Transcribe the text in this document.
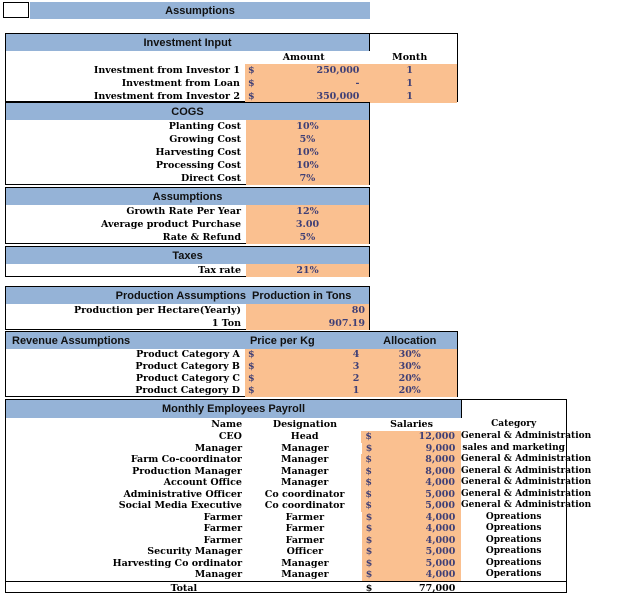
Assumptions
Investment Input
Amount	Month
Investment from Investor 1 $	250,000	1
Investment from Loan $	-	1
Investment from Investor 2 $	350,000	1
COGS
Planting Cost	10%
Growing Cost	5%
Harvesting Cost	10%
Processing Cost	10%
Direct Cost	7%
Assumptions
Growth Rate Per Year	12%
Average product Purchase	3.00
Rate & Refund	5%
Taxes
Tax rate	21%
Production Assumptions Production in Tons
Production per Hectare(Yearly)	80
1 Ton	907.19
Revenue Assumptions	Price per Kg	Allocation
Product Category A $	4	30%
Product Category B $	3	30%
Product Category C $	2	20%
Product Category D $	1	20%
Monthly Employees Payroll
Name	Designation	Salaries	Category
CEO	Head	$	12,000 General & Administration
Manager	Manager	$	9,000 sales and marketing
Farm Co-coordinator	Manager	$	8,000 General & Administration
Production Manager	Manager	$	8,000 General & Administration
Account Office	Manager	$	4,000 General & Administration
Administrative Officer	Co coordinator	$	5,000 General & Administration
Social Media Executive	Co coordinator	$	5,000 General & Administration
Farmer	Farmer	$	4,000	Opreations
Farmer	Farmer	$	4,000	Opreations
Farmer	Farmer	$	4,000	Opreations
Security Manager	Officer	$	5,000	Opreations
Harvesting Co ordinator	Manager	$	5,000	Opreations
Manager	Manager	$	4,000	Operations
Total	$	77,000
